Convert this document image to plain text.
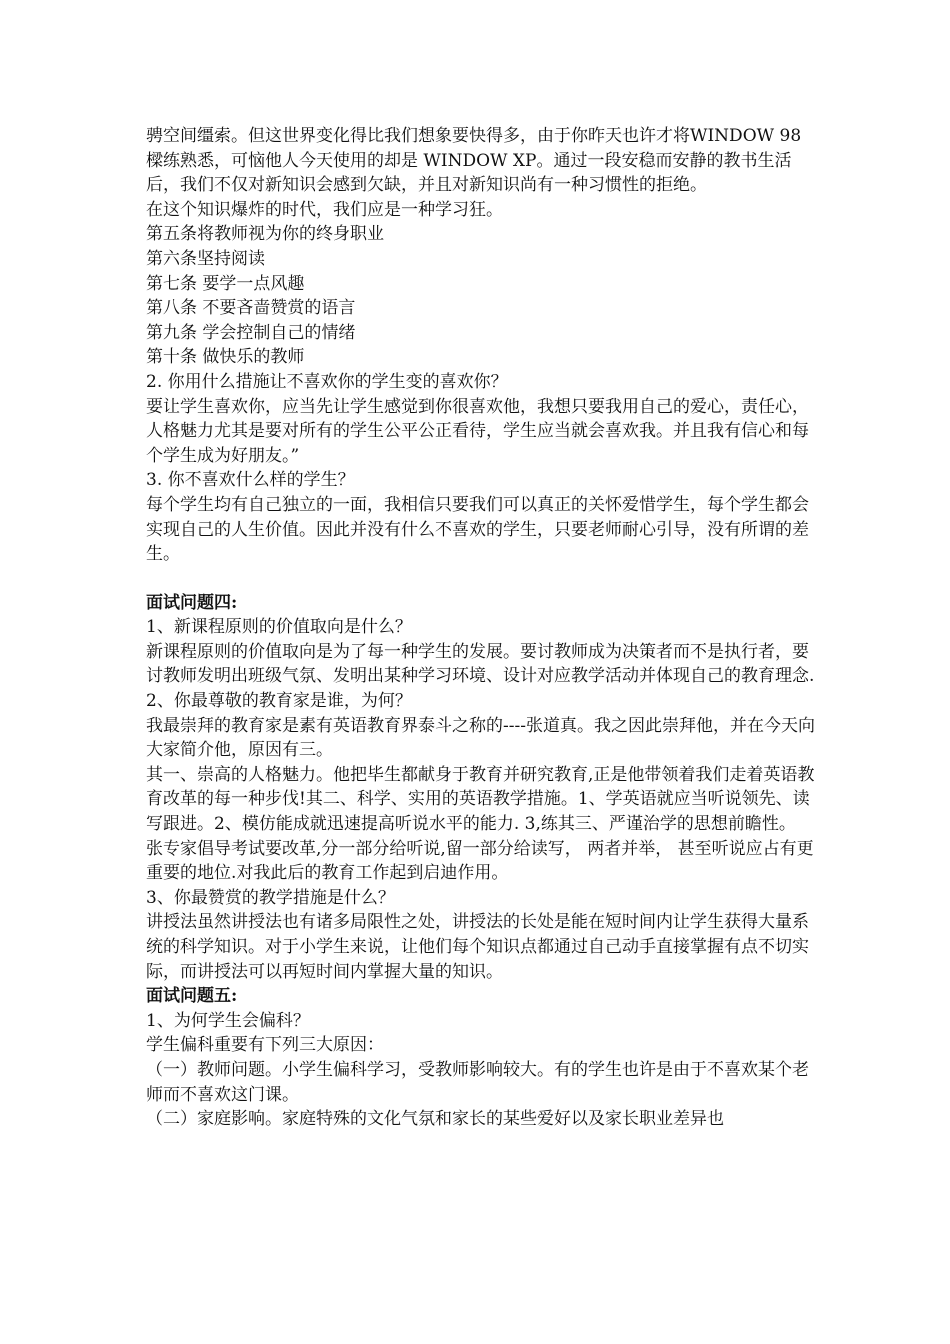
骋空间缰索。但这世界变化得比我们想象要快得多，由于你昨天也许才将WINDOW 98 樑练熟悉，可恼他人今天使用的却是 WINDOW XP。通过一段安稳而安静的教书生活后，我们不仅对新知识会感到欠缺，并且对新知识尚有一种习惯性的拒绝。

在这个知识爆炸的时代，我们应是一种学习狂。

第五条将教师视为你的终身职业

第六条坚持阅读

第七条 要学一点风趣

第八条 不要吝啬赞赏的语言

第九条 学会控制自己的情绪

第十条 做快乐的教师

2. 你用什么措施让不喜欢你的学生变的喜欢你？

要让学生喜欢你，应当先让学生感觉到你很喜欢他，我想只要我用自己的爱心，责任心，人格魅力尤其是要对所有的学生公平公正看待，学生应当就会喜欢我。并且我有信心和每个学生成为好朋友。”

3. 你不喜欢什么样的学生？

每个学生均有自己独立的一面，我相信只要我们可以真正的关怀爱惜学生，每个学生都会实现自己的人生价值。因此并没有什么不喜欢的学生，只要老师耐心引导，没有所谓的差生。

面试问题四:

1、新课程原则的价值取向是什么？

新课程原则的价值取向是为了每一种学生的发展。要讨教师成为决策者而不是执行者，要讨教师发明出班级气氛、发明出某种学习环境、设计对应教学活动并体现自己的教育理念.

2、你最尊敬的教育家是谁，为何？

我最崇拜的教育家是素有英语教育界泰斗之称的----张道真。我之因此崇拜他，并在今天向大家简介他，原因有三。

其一、崇高的人格魅力。他把毕生都献身于教育并研究教育,正是他带领着我们走着英语教育改革的每一种步伐!其二、科学、实用的英语教学措施。1、学英语就应当听说领先、读写跟进。2、模仿能成就迅速提高听说水平的能力. 3,练其三、严谨治学的思想前瞻性。

张专家倡导考试要改革,分一部分给听说,留一部分给读写， 两者并举， 甚至听说应占有更重要的地位.对我此后的教育工作起到启迪作用。

3、你最赞赏的教学措施是什么？

讲授法虽然讲授法也有诸多局限性之处，讲授法的长处是能在短时间内让学生获得大量系统的科学知识。对于小学生来说，让他们每个知识点都通过自己动手直接掌握有点不切实际，而讲授法可以再短时间内掌握大量的知识。

面试问题五:

1、为何学生会偏科？

学生偏科重要有下列三大原因：

（一）教师问题。小学生偏科学习，受教师影响较大。有的学生也许是由于不喜欢某个老师而不喜欢这门课。

（二）家庭影响。家庭特殊的文化气氛和家长的某些爱好以及家长职业差异也
